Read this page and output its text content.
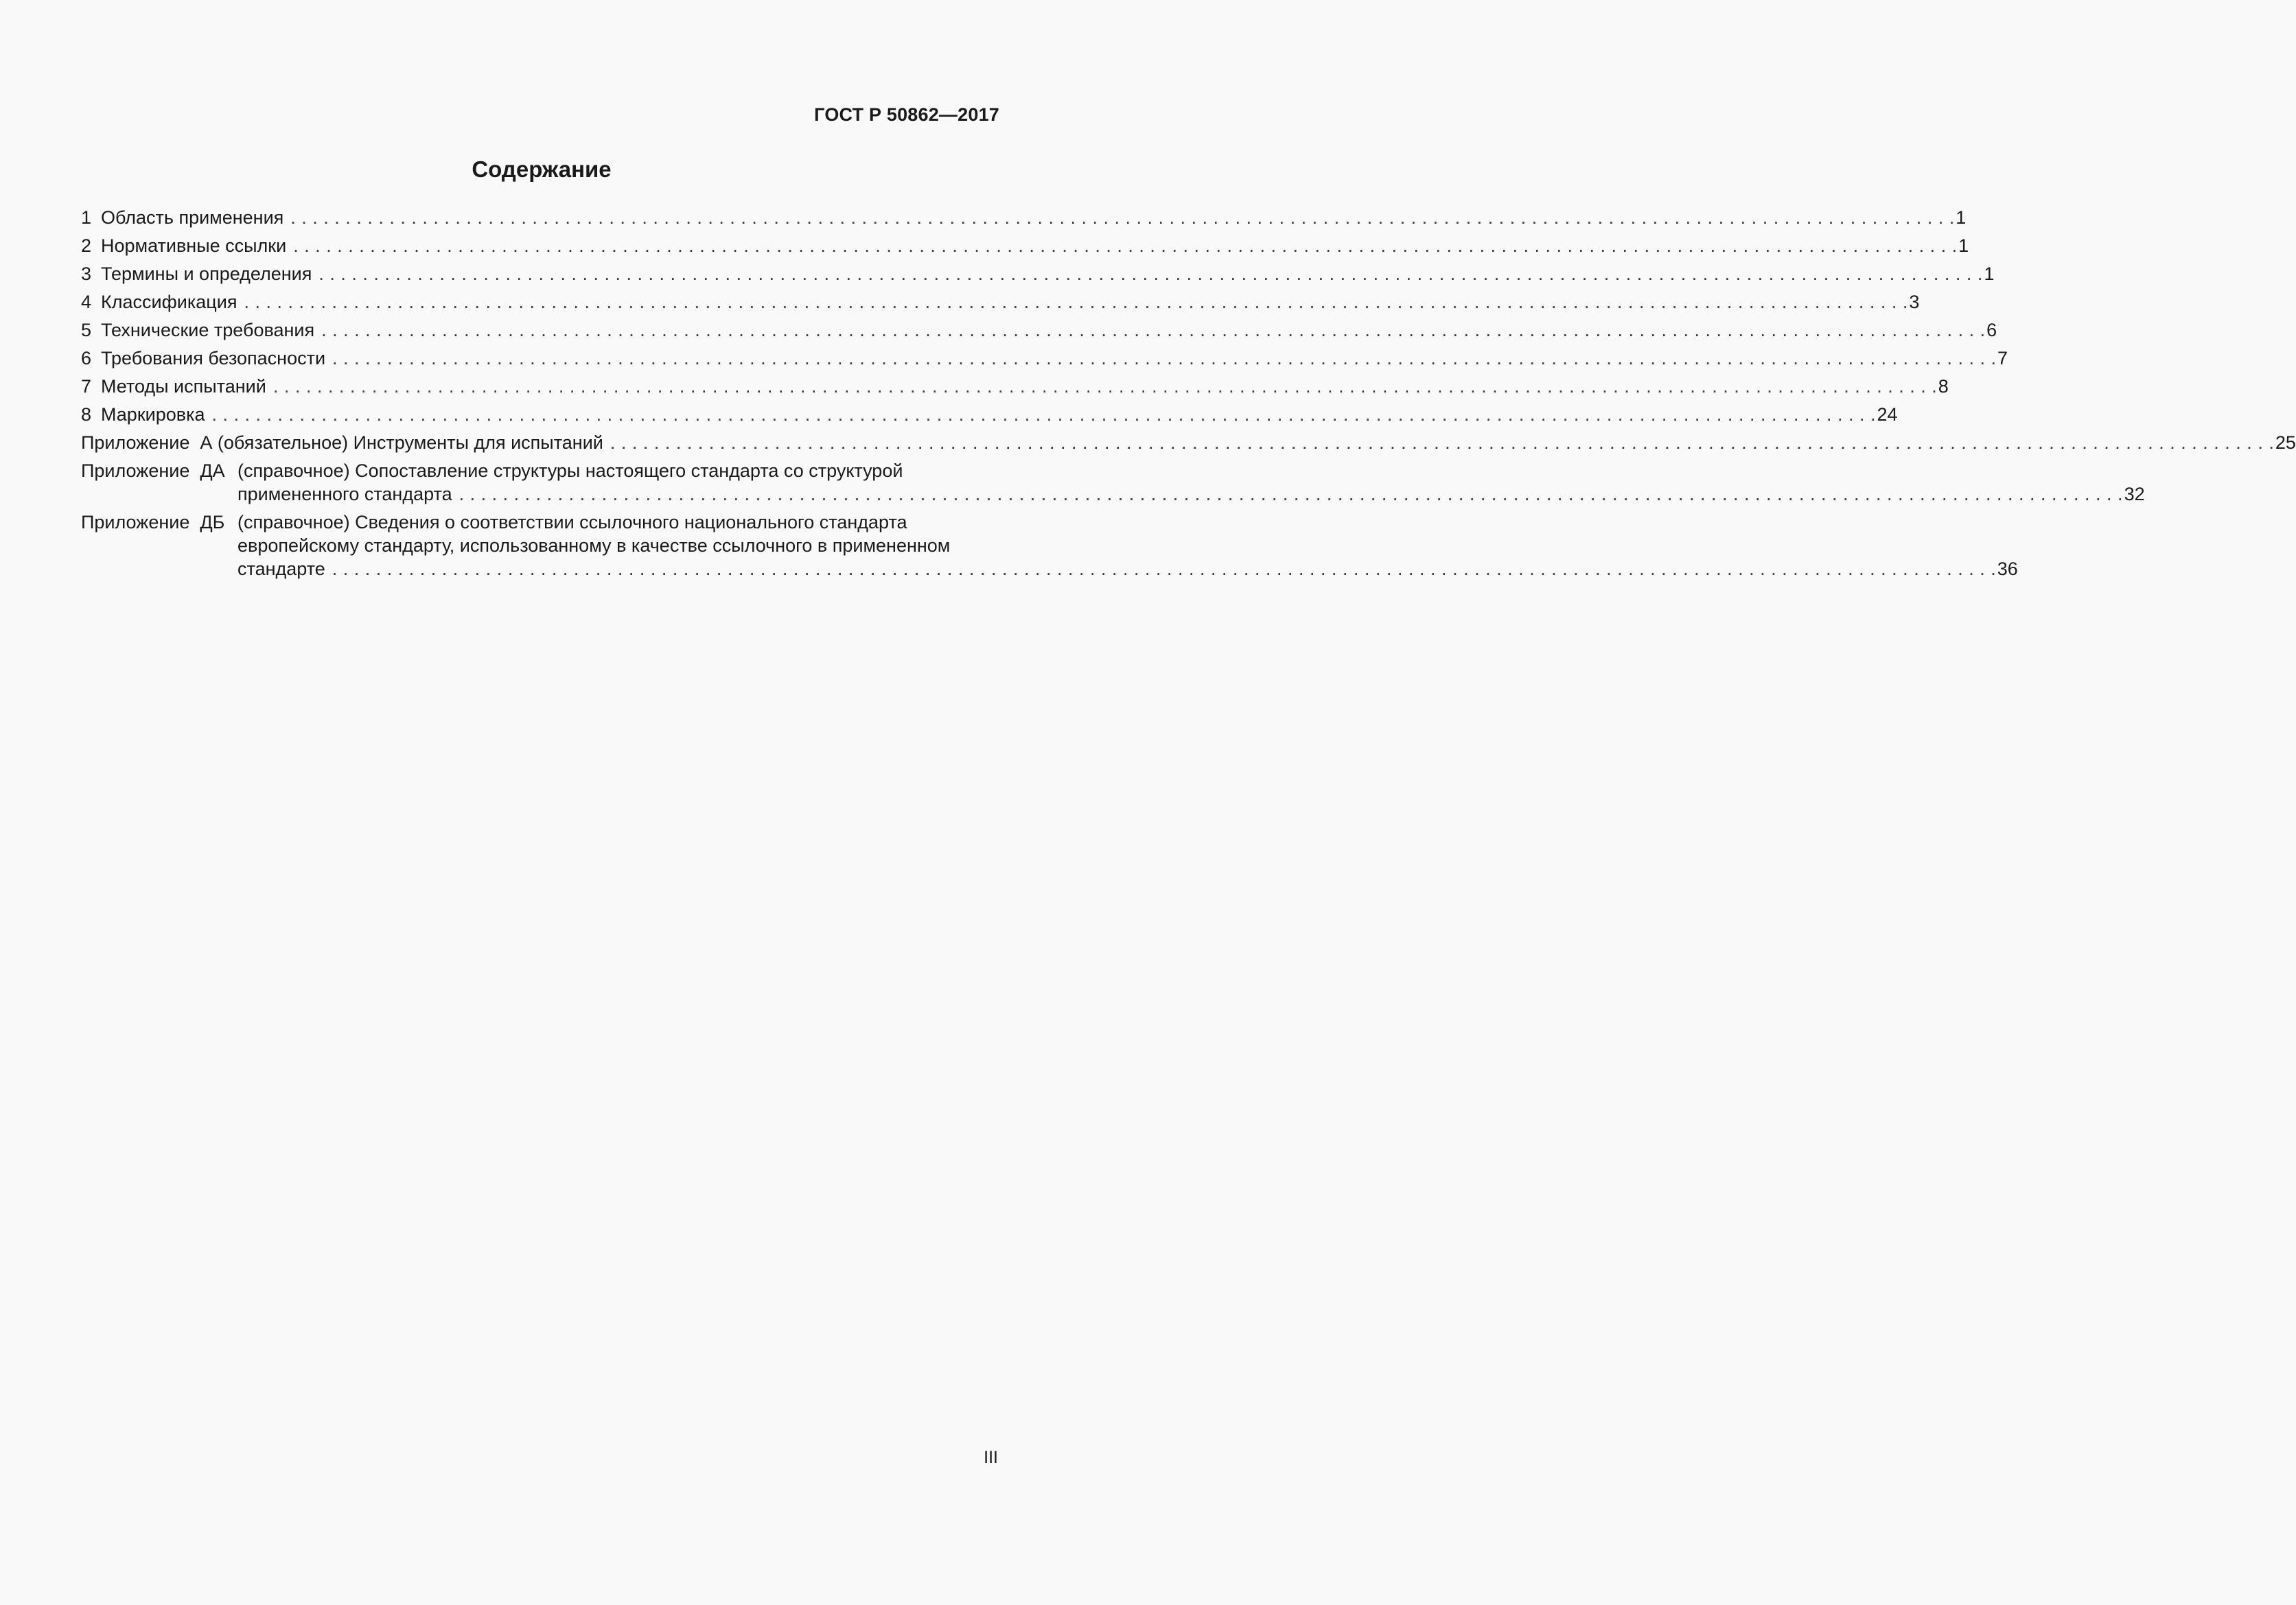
ГОСТ Р 50862—2017
Содержание
1 Область применения . . .	1
2 Нормативные ссылки . . .	1
3 Термины и определения . . .	1
4 Классификация . . .	3
5 Технические требования . . .	6
6 Требования безопасности . . .	7
7 Методы испытаний . . .	8
8 Маркировка . . .	24
Приложение  А (обязательное) Инструменты для испытаний . . .	25
Приложение  ДА (справочное) Сопоставление структуры настоящего стандарта со структурой
примененного стандарта . . .	32
Приложение  ДБ (справочное) Сведения о соответствии ссылочного национального стандарта
европейскому стандарту, использованному в качестве ссылочного в примененном
стандарте . . .	36
III
